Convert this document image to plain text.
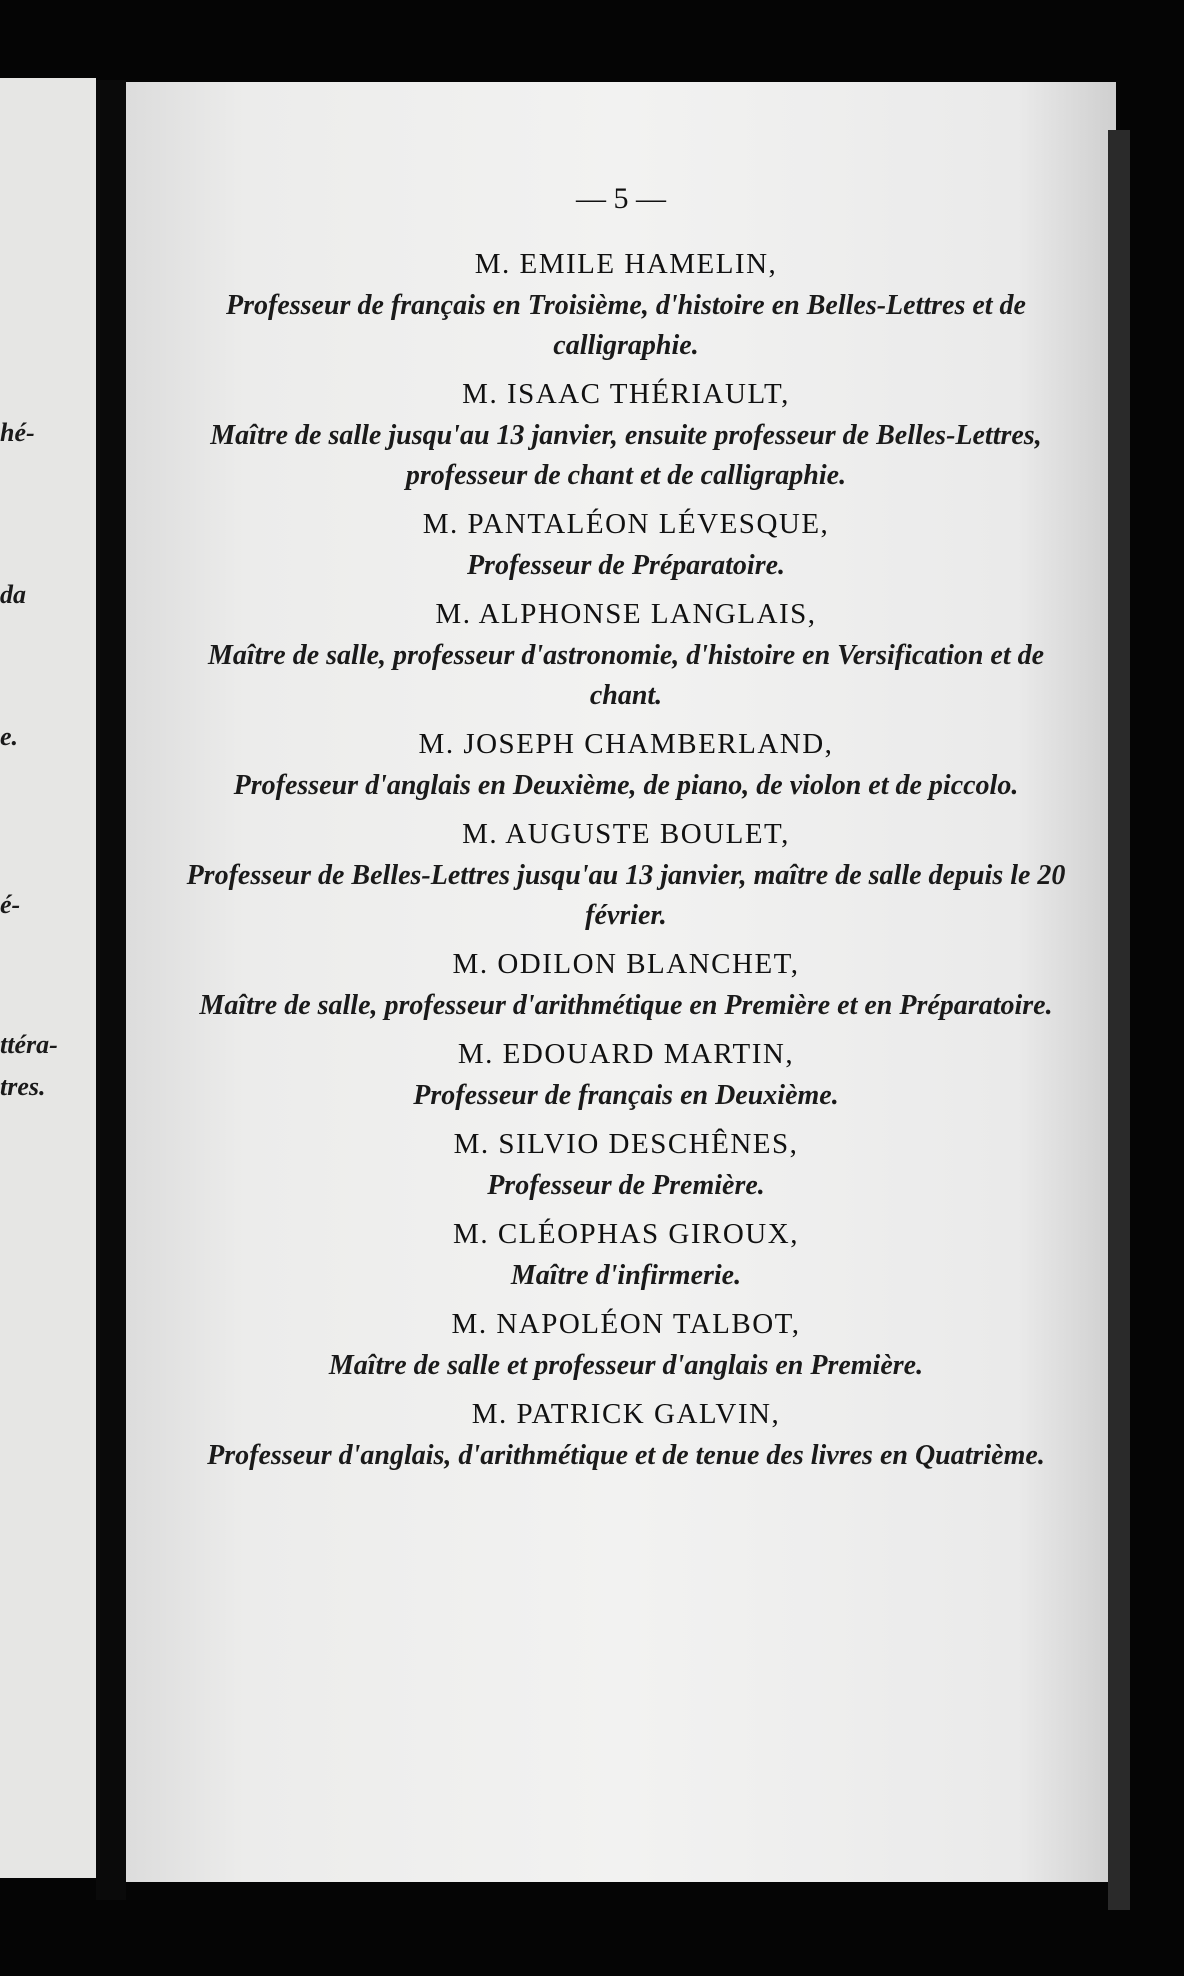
hé-
da
e.
é-
ttéra-
tres.
— 5 —
M. EMILE HAMELIN,
Professeur de français en Troisième, d'histoire en Belles-Lettres et de calligraphie.
M. ISAAC THÉRIAULT,
Maître de salle jusqu'au 13 janvier, ensuite professeur de Belles-Lettres, professeur de chant et de calligraphie.
M. PANTALÉON LÉVESQUE,
Professeur de Préparatoire.
M. ALPHONSE LANGLAIS,
Maître de salle, professeur d'astronomie, d'histoire en Versification et de chant.
M. JOSEPH CHAMBERLAND,
Professeur d'anglais en Deuxième, de piano, de violon et de piccolo.
M. AUGUSTE BOULET,
Professeur de Belles-Lettres jusqu'au 13 janvier, maître de salle depuis le 20 février.
M. ODILON BLANCHET,
Maître de salle, professeur d'arithmétique en Première et en Préparatoire.
M. EDOUARD MARTIN,
Professeur de français en Deuxième.
M. SILVIO DESCHÊNES,
Professeur de Première.
M. CLÉOPHAS GIROUX,
Maître d'infirmerie.
M. NAPOLÉON TALBOT,
Maître de salle et professeur d'anglais en Première.
M. PATRICK GALVIN,
Professeur d'anglais, d'arithmétique et de tenue des livres en Quatrième.
